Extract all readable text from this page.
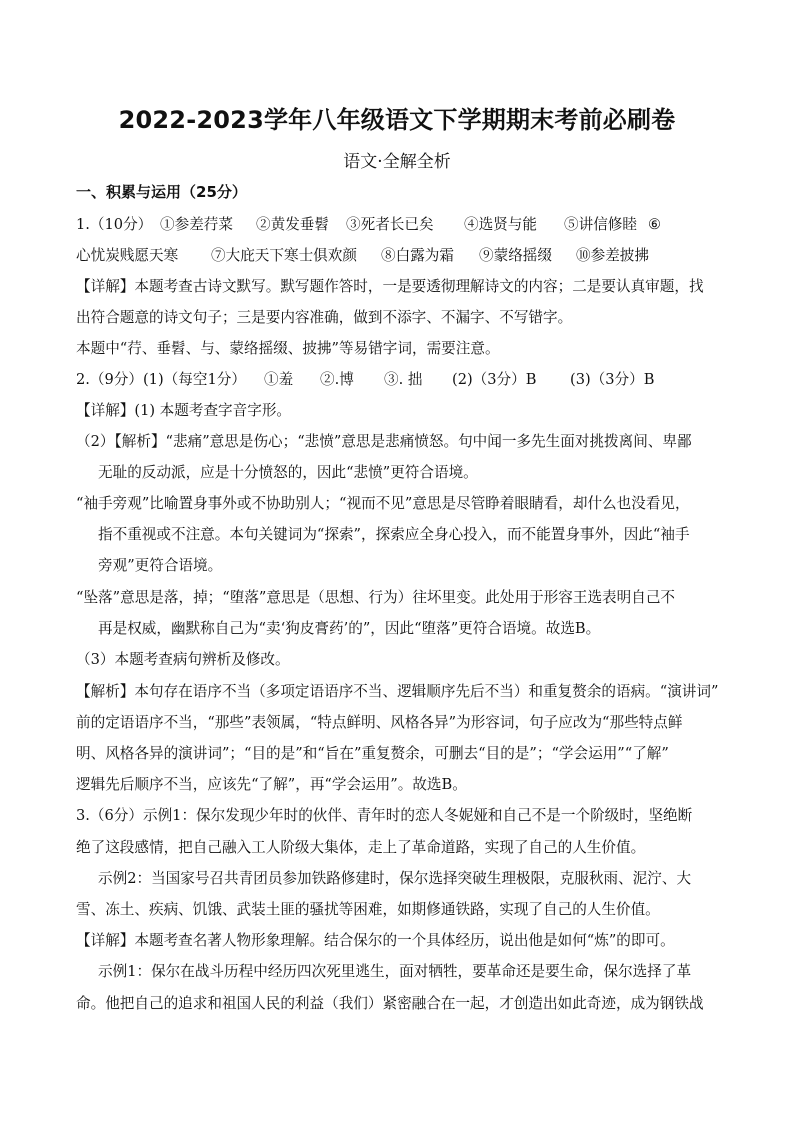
2022-2023学年八年级语文下学期期末考前必刷卷
语文·全解全析
一、积累与运用（25分）
1.（10分） ①参差荇菜 ②黄发垂髫 ③死者长已矣 ④选贤与能 ⑤讲信修睦 ⑥
心忧炭贱愿天寒 ⑦大庇天下寒士俱欢颜 ⑧白露为霜 ⑨蒙络摇缀 ⑩参差披拂
【详解】本题考查古诗文默写。默写题作答时，一是要透彻理解诗文的内容；二是要认真审题，找
出符合题意的诗文句子；三是要内容准确，做到不添字、不漏字、不写错字。
本题中“荇、垂髫、与、蒙络摇缀、披拂”等易错字词，需要注意。
2.（9分）(1)（每空1分） ①羞 ②.博 ③. 拙 (2)（3分）B (3)（3分）B
【详解】(1) 本题考查字音字形。
（2）【解析】“悲痛”意思是伤心；“悲愤”意思是悲痛愤怒。句中闻一多先生面对挑拨离间、卑鄙
无耻的反动派，应是十分愤怒的，因此“悲愤”更符合语境。
“袖手旁观”比喻置身事外或不协助别人；“视而不见”意思是尽管睁着眼睛看，却什么也没看见，
指不重视或不注意。本句关键词为“探索”，探索应全身心投入，而不能置身事外，因此“袖手
旁观”更符合语境。
“坠落”意思是落，掉；“堕落”意思是（思想、行为）往坏里变。此处用于形容王选表明自己不
再是权威，幽默称自己为“卖‘狗皮膏药’的”，因此“堕落”更符合语境。故选B。
（3）本题考查病句辨析及修改。
【解析】本句存在语序不当（多项定语语序不当、逻辑顺序先后不当）和重复赘余的语病。“演讲词”
前的定语语序不当，“那些”表领属，“特点鲜明、风格各异”为形容词，句子应改为“那些特点鲜
明、风格各异的演讲词”；“目的是”和“旨在”重复赘余，可删去“目的是”；“学会运用”“了解”
逻辑先后顺序不当，应该先“了解”，再“学会运用”。故选B。
3.（6分）示例1：保尔发现少年时的伙伴、青年时的恋人冬妮娅和自己不是一个阶级时，坚绝断
绝了这段感情，把自己融入工人阶级大集体，走上了革命道路，实现了自己的人生价值。
示例2：当国家号召共青团员参加铁路修建时，保尔选择突破生理极限，克服秋雨、泥泞、大
雪、冻土、疾病、饥饿、武装土匪的骚扰等困难，如期修通铁路，实现了自己的人生价值。
【详解】本题考查名著人物形象理解。结合保尔的一个具体经历，说出他是如何“炼”的即可。
示例1：保尔在战斗历程中经历四次死里逃生，面对牺牲，要革命还是要生命，保尔选择了革
命。他把自己的追求和祖国人民的利益（我们）紧密融合在一起，才创造出如此奇迹，成为钢铁战
